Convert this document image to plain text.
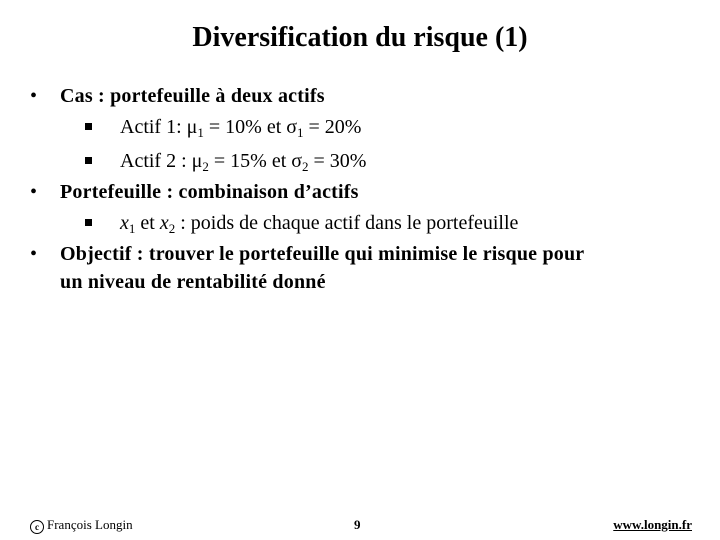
Diversification du risque (1)
• Cas : portefeuille à deux actifs
Actif 1: $\mu_1 = 10\%$ et $\sigma_1 = 20\%$
Actif 2 : $\mu_2 = 15\%$ et $\sigma_2 = 30\%$
• Portefeuille : combinaison d’actifs
$x_1$ et $x_2$ : poids de chaque actif dans le portefeuille
• Objectif : trouver le portefeuille qui minimise le risque pour
un niveau de rentabilité donné
c François Longin	9	www.longin.fr
